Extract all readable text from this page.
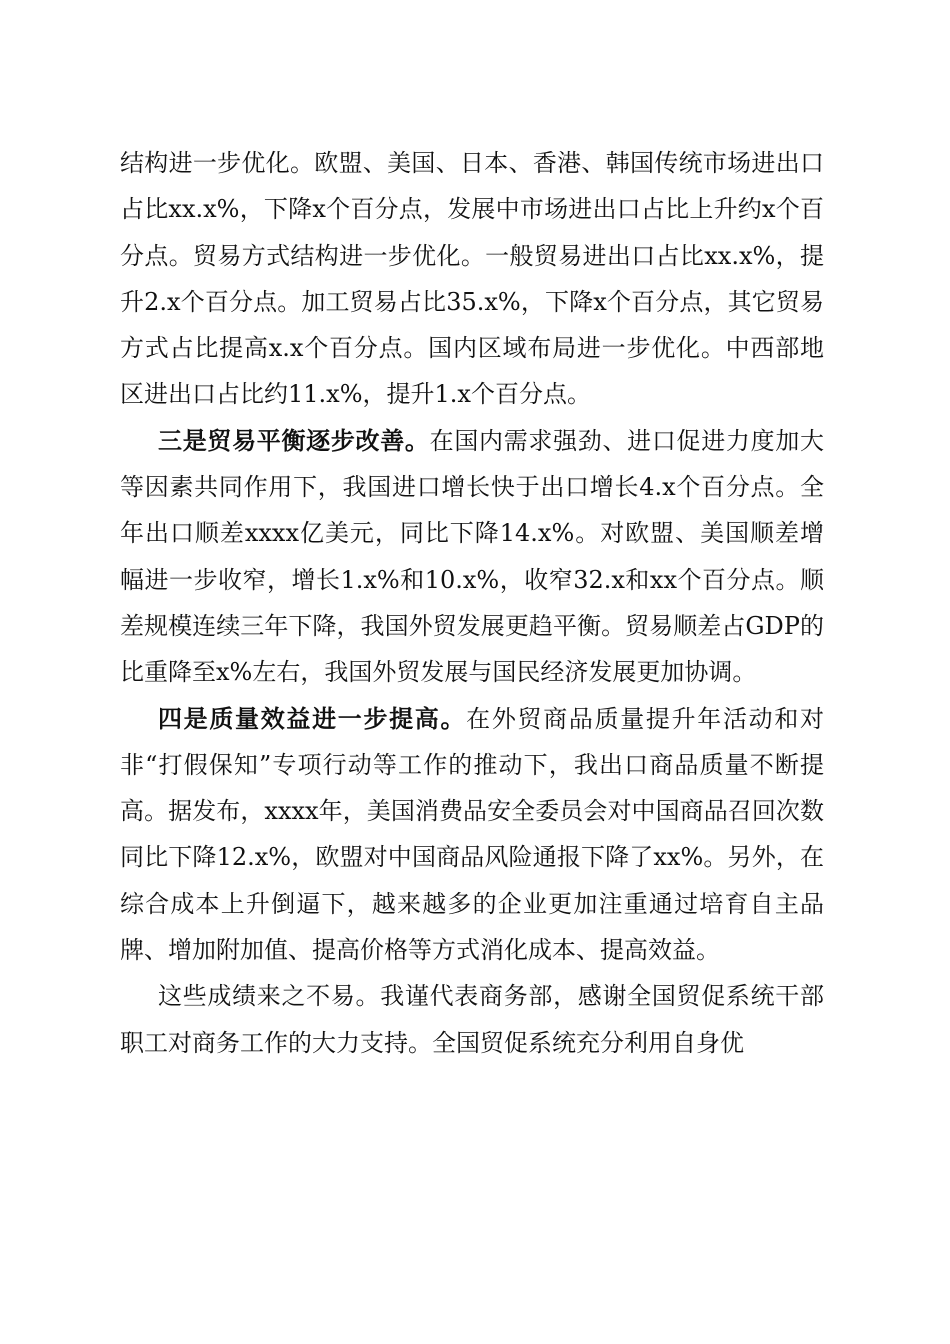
结构进一步优化。欧盟、美国、日本、香港、韩国传统市场进出口占比xx.x%，下降x个百分点，发展中市场进出口占比上升约x个百分点。贸易方式结构进一步优化。一般贸易进出口占比xx.x%，提升2.x个百分点。加工贸易占比35.x%，下降x个百分点，其它贸易方式占比提高x.x个百分点。国内区域布局进一步优化。中西部地区进出口占比约11.x%，提升1.x个百分点。

三是贸易平衡逐步改善。在国内需求强劲、进口促进力度加大等因素共同作用下，我国进口增长快于出口增长4.x个百分点。全年出口顺差xxxx亿美元，同比下降14.x%。对欧盟、美国顺差增幅进一步收窄，增长1.x%和10.x%，收窄32.x和xx个百分点。顺差规模连续三年下降，我国外贸发展更趋平衡。贸易顺差占GDP的比重降至x%左右，我国外贸发展与国民经济发展更加协调。

四是质量效益进一步提高。在外贸商品质量提升年活动和对非“打假保知”专项行动等工作的推动下，我出口商品质量不断提高。据发布，xxxx年，美国消费品安全委员会对中国商品召回次数同比下降12.x%，欧盟对中国商品风险通报下降了xx%。另外，在综合成本上升倒逼下，越来越多的企业更加注重通过培育自主品牌、增加附加值、提高价格等方式消化成本、提高效益。

这些成绩来之不易。我谨代表商务部，感谢全国贸促系统干部职工对商务工作的大力支持。全国贸促系统充分利用自身优
